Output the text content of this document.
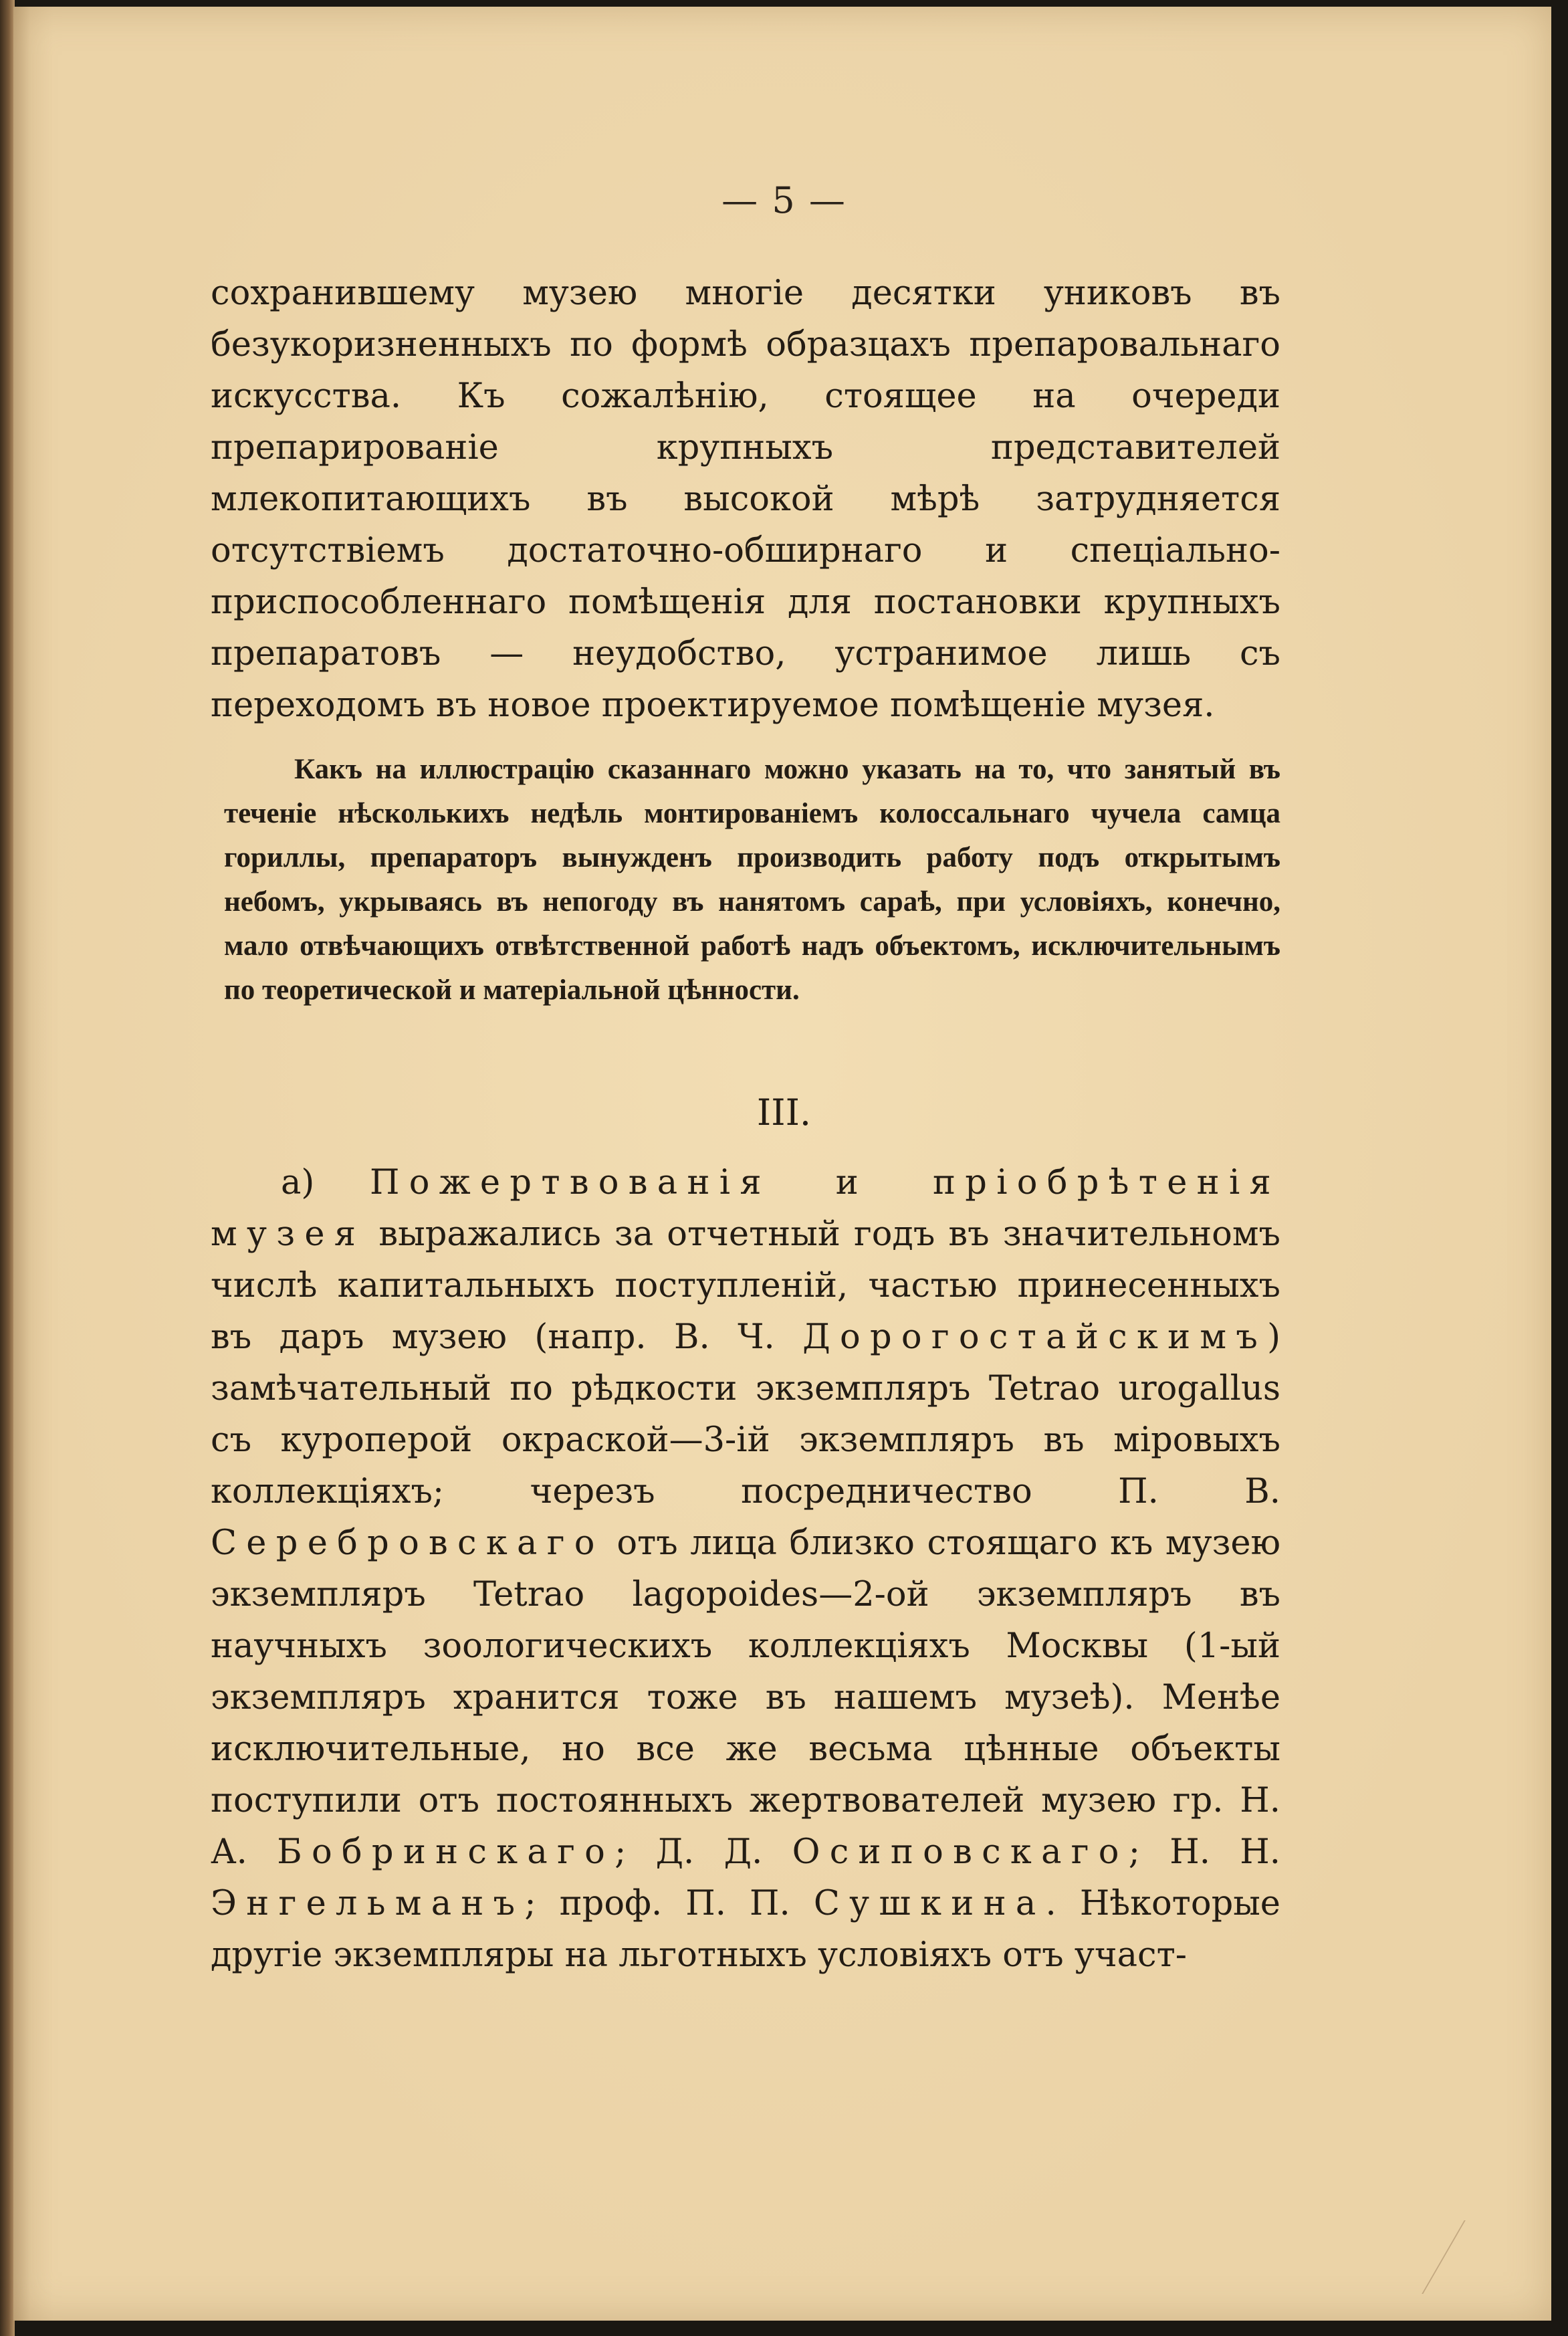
— 5 —

сохранившему музею многіе десятки униковъ въ безукоризненныхъ по формѣ образцахъ препаровальнаго искусства. Къ сожалѣнію, стоящее на очереди препарированіе крупныхъ представителей млекопитающихъ въ высокой мѣрѣ затрудняется отсутствіемъ достаточно-обширнаго и спеціально-приспособленнаго помѣщенія для постановки крупныхъ препаратовъ — неудобство, устранимое лишь съ переходомъ въ новое проектируемое помѣщеніе музея.

Какъ на иллюстрацію сказаннаго можно указать на то, что занятый въ теченіе нѣсколькихъ недѣль монтированіемъ колоссальнаго чучела самца гориллы, препараторъ вынужденъ производить работу подъ открытымъ небомъ, укрываясь въ непогоду въ нанятомъ сараѣ, при условіяхъ, конечно, мало отвѣчающихъ отвѣтственной работѣ надъ объектомъ, исключительнымъ по теоретической и матеріальной цѣнности.

III.

а) Пожертвованія и пріобрѣтенія музея выражались за отчетный годъ въ значительномъ числѣ капитальныхъ поступленій, частью принесенныхъ въ даръ музею (напр. В. Ч. Дорогостайскимъ) замѣчательный по рѣдкости экземпляръ Tetrao urogallus съ куроперой окраской—3-ій экземпляръ въ міровыхъ коллекціяхъ; черезъ посредничество П. В. Серебровскаго отъ лица близко стоящаго къ музею экземпляръ Tetrao lagopoides—2-ой экземпляръ въ научныхъ зоологическихъ коллекціяхъ Москвы (1-ый экземпляръ хранится тоже въ нашемъ музеѣ). Менѣе исключительные, но все же весьма цѣнные объекты поступили отъ постоянныхъ жертвователей музею гр. Н. А. Бобринскаго; Д. Д. Осиповскаго; Н. Н. Энгельманъ; проф. П. П. Сушкина. Нѣкоторые другіе экземпляры на льготныхъ условіяхъ отъ участ-
